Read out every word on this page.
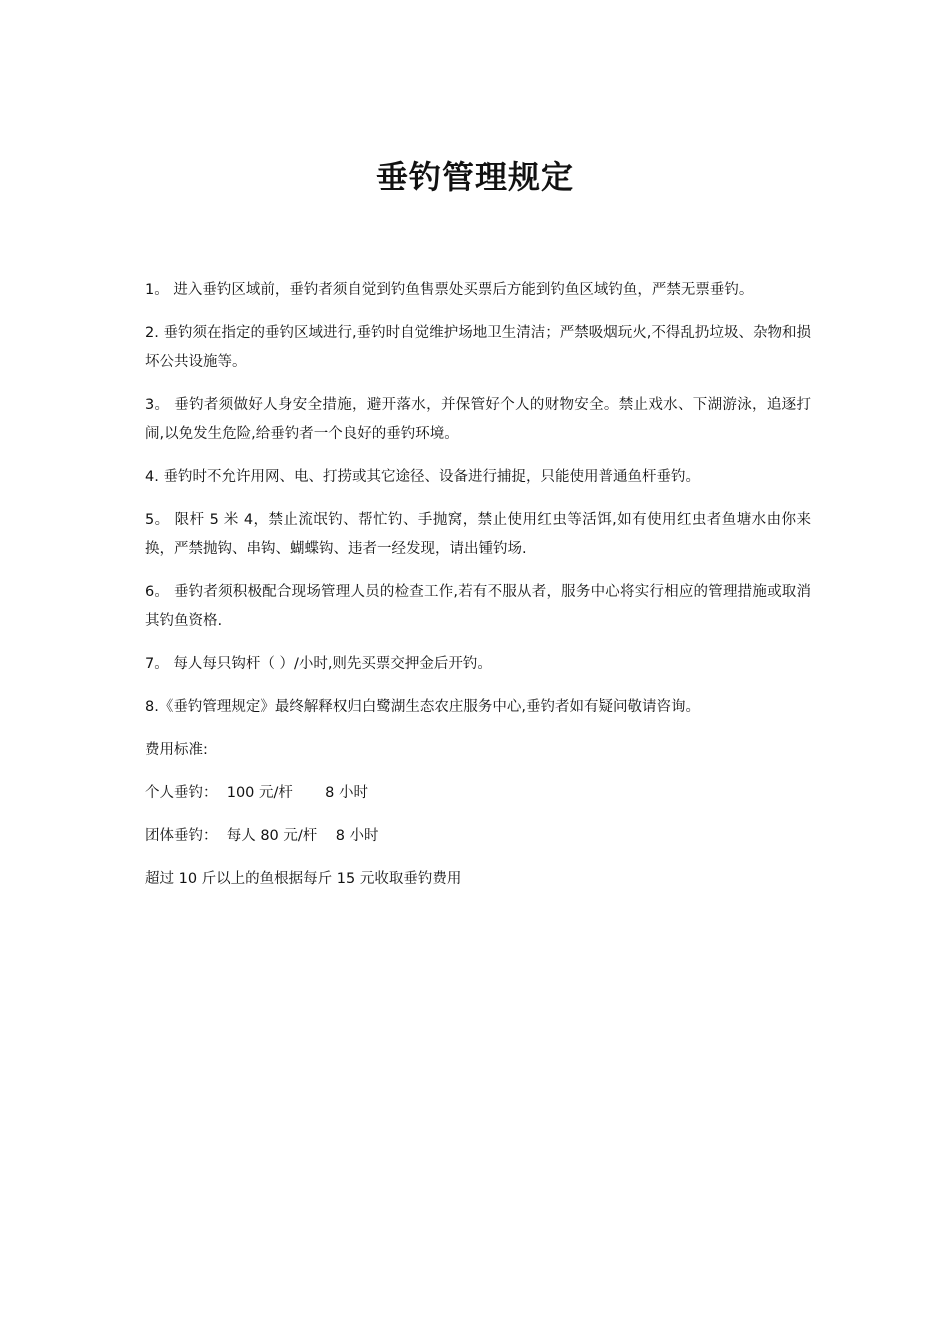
垂钓管理规定

1。 进入垂钓区域前，垂钓者须自觉到钓鱼售票处买票后方能到钓鱼区域钓鱼，严禁无票垂钓。

2. 垂钓须在指定的垂钓区域进行,垂钓时自觉维护场地卫生清洁；严禁吸烟玩火,不得乱扔垃圾、杂物和损坏公共设施等。

3。 垂钓者须做好人身安全措施，避开落水，并保管好个人的财物安全。禁止戏水、下湖游泳，追逐打闹,以免发生危险,给垂钓者一个良好的垂钓环境。

4. 垂钓时不允许用网、电、打捞或其它途径、设备进行捕捉，只能使用普通鱼杆垂钓。

5。 限杆 5 米 4，禁止流氓钓、帮忙钓、手抛窝，禁止使用红虫等活饵,如有使用红虫者鱼塘水由你来换，严禁抛钩、串钩、蝴蝶钩、违者一经发现，请出锺钓场.

6。 垂钓者须积极配合现场管理人员的检查工作,若有不服从者，服务中心将实行相应的管理措施或取消其钓鱼资格.

7。 每人每只钩杆（ ）/小时,则先买票交押金后开钓。

8.《垂钓管理规定》最终解释权归白鹭湖生态农庄服务中心,垂钓者如有疑问敬请咨询。

费用标准:

个人垂钓：  100 元/杆       8 小时

团体垂钓：  每人 80 元/杆    8 小时

超过 10 斤以上的鱼根据每斤 15 元收取垂钓费用
